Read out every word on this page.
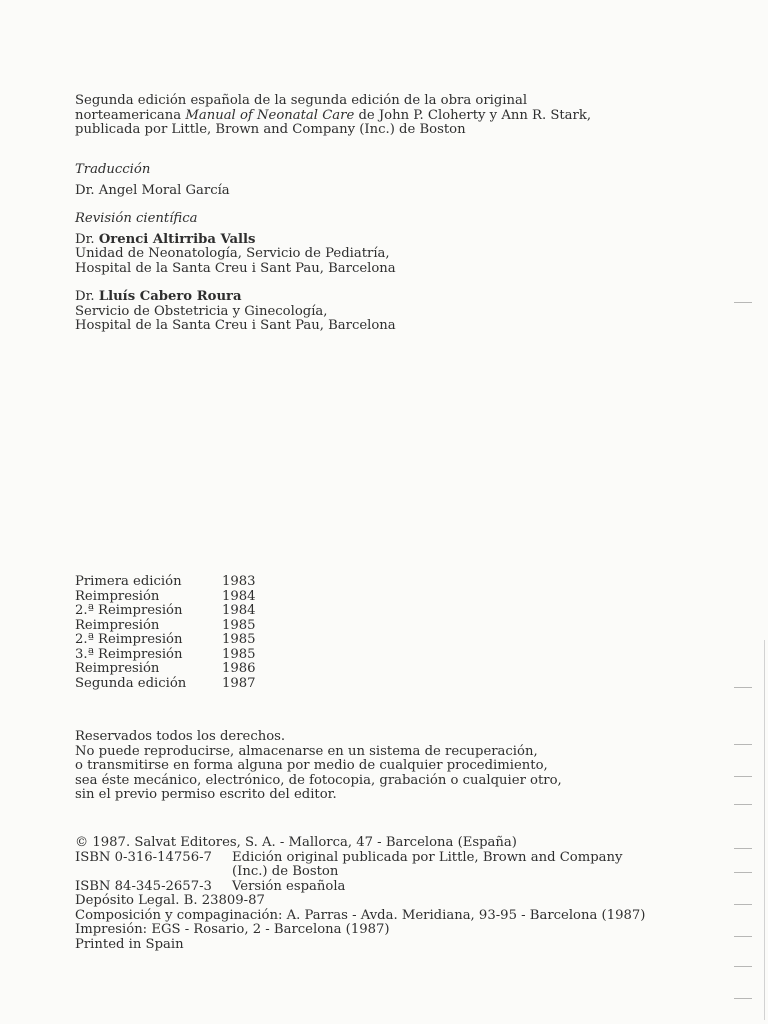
Segunda edición española de la segunda edición de la obra original
norteamericana Manual of Neonatal Care de John P. Cloherty y Ann R. Stark,
publicada por Little, Brown and Company (Inc.) de Boston
Traducción
Dr. Angel Moral García
Revisión científica
Dr. Orenci Altirriba Valls
Unidad de Neonatología, Servicio de Pediatría,
Hospital de la Santa Creu i Sant Pau, Barcelona
Dr. Lluís Cabero Roura
Servicio de Obstetricia y Ginecología,
Hospital de la Santa Creu i Sant Pau, Barcelona
Primera edición	1983
Reimpresión	1984
2.ª Reimpresión	1984
Reimpresión	1985
2.ª Reimpresión	1985
3.ª Reimpresión	1985
Reimpresión	1986
Segunda edición	1987
Reservados todos los derechos.
No puede reproducirse, almacenarse en un sistema de recuperación,
o transmitirse en forma alguna por medio de cualquier procedimiento,
sea éste mecánico, electrónico, de fotocopia, grabación o cualquier otro,
sin el previo permiso escrito del editor.
© 1987. Salvat Editores, S. A. - Mallorca, 47 - Barcelona (España)
ISBN 0-316-14756-7 Edición original publicada por Little, Brown and Company
(Inc.) de Boston
ISBN 84-345-2657-3 Versión española
Depósito Legal. B. 23809-87
Composición y compaginación: A. Parras - Avda. Meridiana, 93-95 - Barcelona (1987)
Impresión: EGS - Rosario, 2 - Barcelona (1987)
Printed in Spain
